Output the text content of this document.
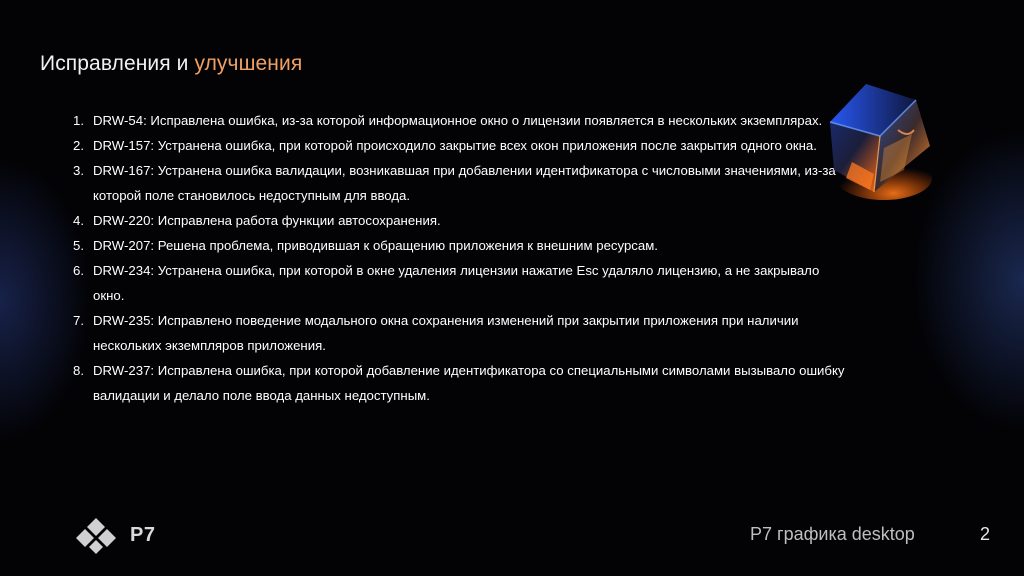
Исправления и улучшения
1. DRW-54: Исправлена ошибка, из-за которой информационное окно о лицензии появляется в нескольких экземплярах.
2. DRW-157: Устранена ошибка, при которой происходило закрытие всех окон приложения после закрытия одного окна.
3. DRW-167: Устранена ошибка валидации, возникавшая при добавлении идентификатора с числовыми значениями, из-за которой поле становилось недоступным для ввода.
4. DRW-220: Исправлена работа функции автосохранения.
5. DRW-207: Решена проблема, приводившая к обращению приложения к внешним ресурсам.
6. DRW-234: Устранена ошибка, при которой в окне удаления лицензии нажатие Esc удаляло лицензию, а не закрывало окно.
7. DRW-235: Исправлено поведение модального окна сохранения изменений при закрытии приложения при наличии нескольких экземпляров приложения.
8. DRW-237: Исправлена ошибка, при которой добавление идентификатора со специальными символами вызывало ошибку валидации и делало поле ввода данных недоступным.
P7	Р7 графика desktop	2
